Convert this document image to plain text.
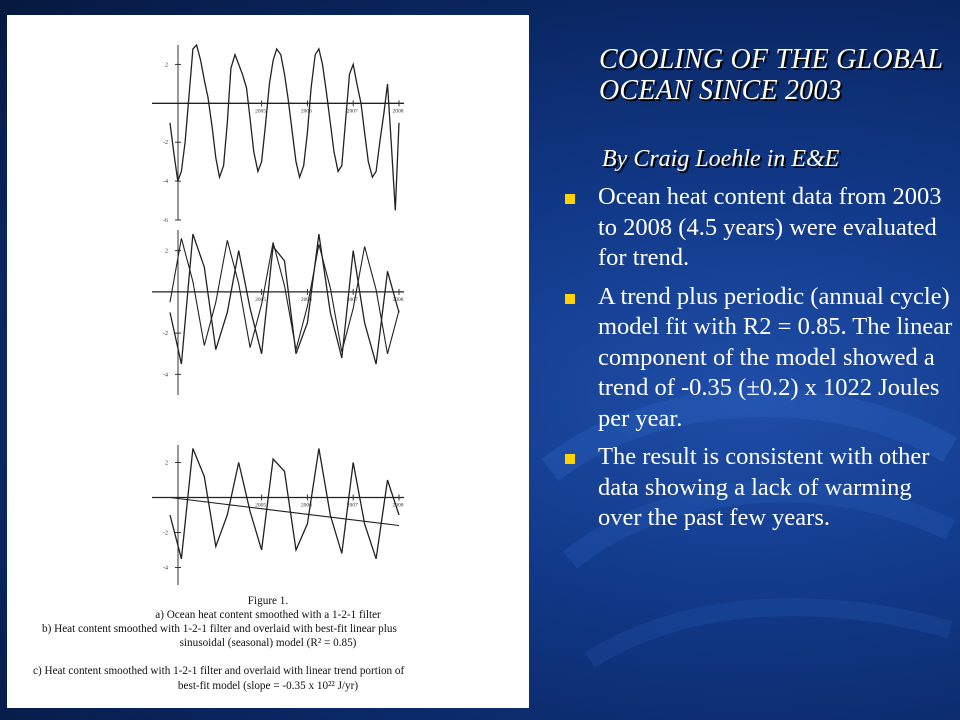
2
-2
-4
-6
2005	2006	2007	2008
2
-2
-4
2005	2006	2007	2008
2
-2
-4
2005	2006	2007	2008
Figure 1.
a) Ocean heat content smoothed with a 1-2-1 filter
b) Heat content smoothed with 1-2-1 filter and overlaid with best-fit linear plus
sinusoidal (seasonal) model (R² = 0.85)
c) Heat content smoothed with 1-2-1 filter and overlaid with linear trend portion of
best-fit model (slope = -0.35 x 10²² J/yr)
COOLING OF THE GLOBAL OCEAN SINCE 2003
By Craig Loehle in E&E
Ocean heat content data from 2003 to 2008 (4.5 years) were evaluated for trend.
A trend plus periodic (annual cycle) model fit with R2 = 0.85. The linear component of the model showed a trend of -0.35 (±0.2) x 1022 Joules per year.
The result is consistent with other data showing a lack of warming over the past few years.
